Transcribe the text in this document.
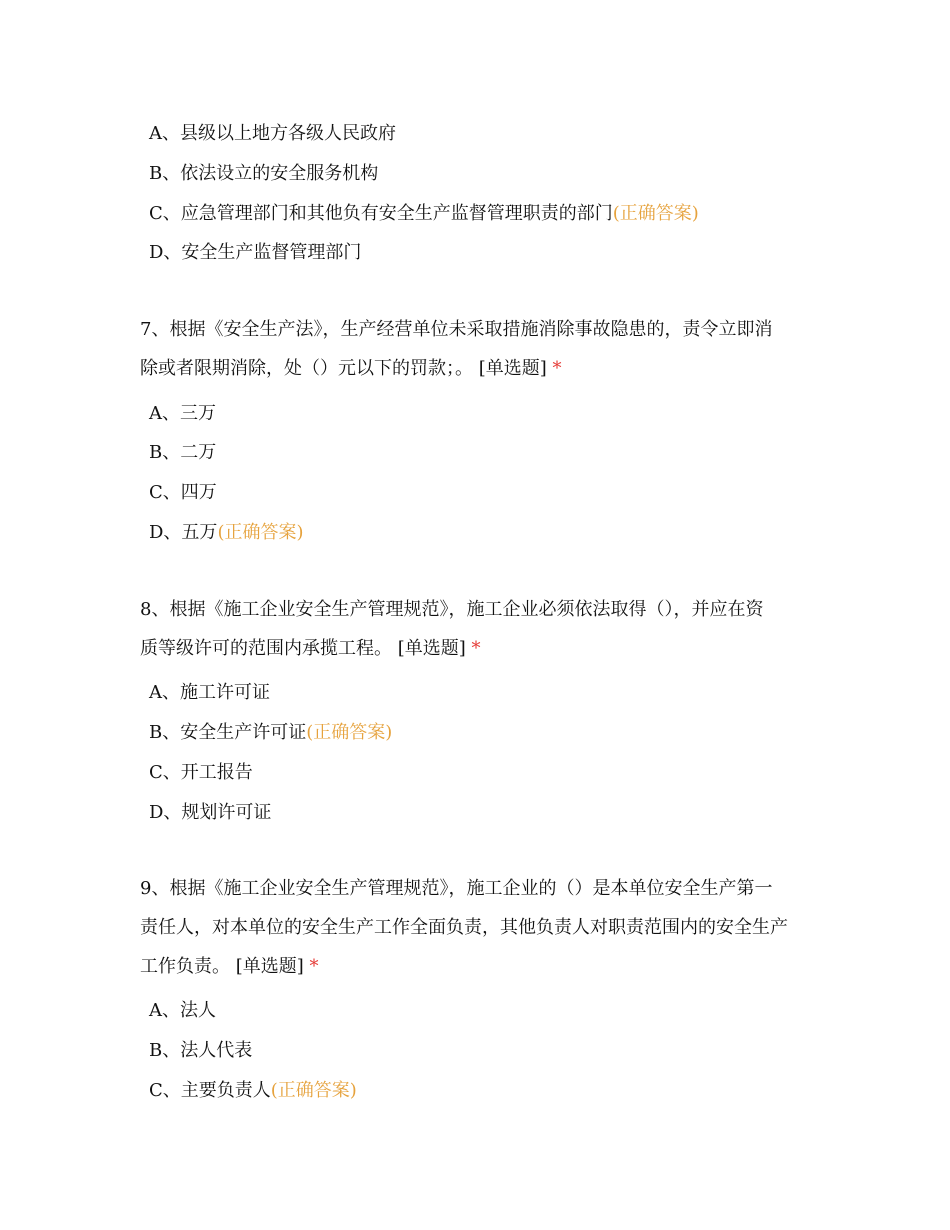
A、县级以上地方各级人民政府
B、依法设立的安全服务机构
C、应急管理部门和其他负有安全生产监督管理职责的部门(正确答案)
D、安全生产监督管理部门
7、根据《安全生产法》，生产经营单位未采取措施消除事故隐患的，责令立即消
除或者限期消除，处（）元以下的罚款；。 [单选题] *
A、三万
B、二万
C、四万
D、五万(正确答案)
8、根据《施工企业安全生产管理规范》，施工企业必须依法取得（），并应在资
质等级许可的范围内承揽工程。 [单选题] *
A、施工许可证
B、安全生产许可证(正确答案)
C、开工报告
D、规划许可证
9、根据《施工企业安全生产管理规范》，施工企业的（）是本单位安全生产第一
责任人，对本单位的安全生产工作全面负责，其他负责人对职责范围内的安全生产
工作负责。 [单选题] *
A、法人
B、法人代表
C、主要负责人(正确答案)
